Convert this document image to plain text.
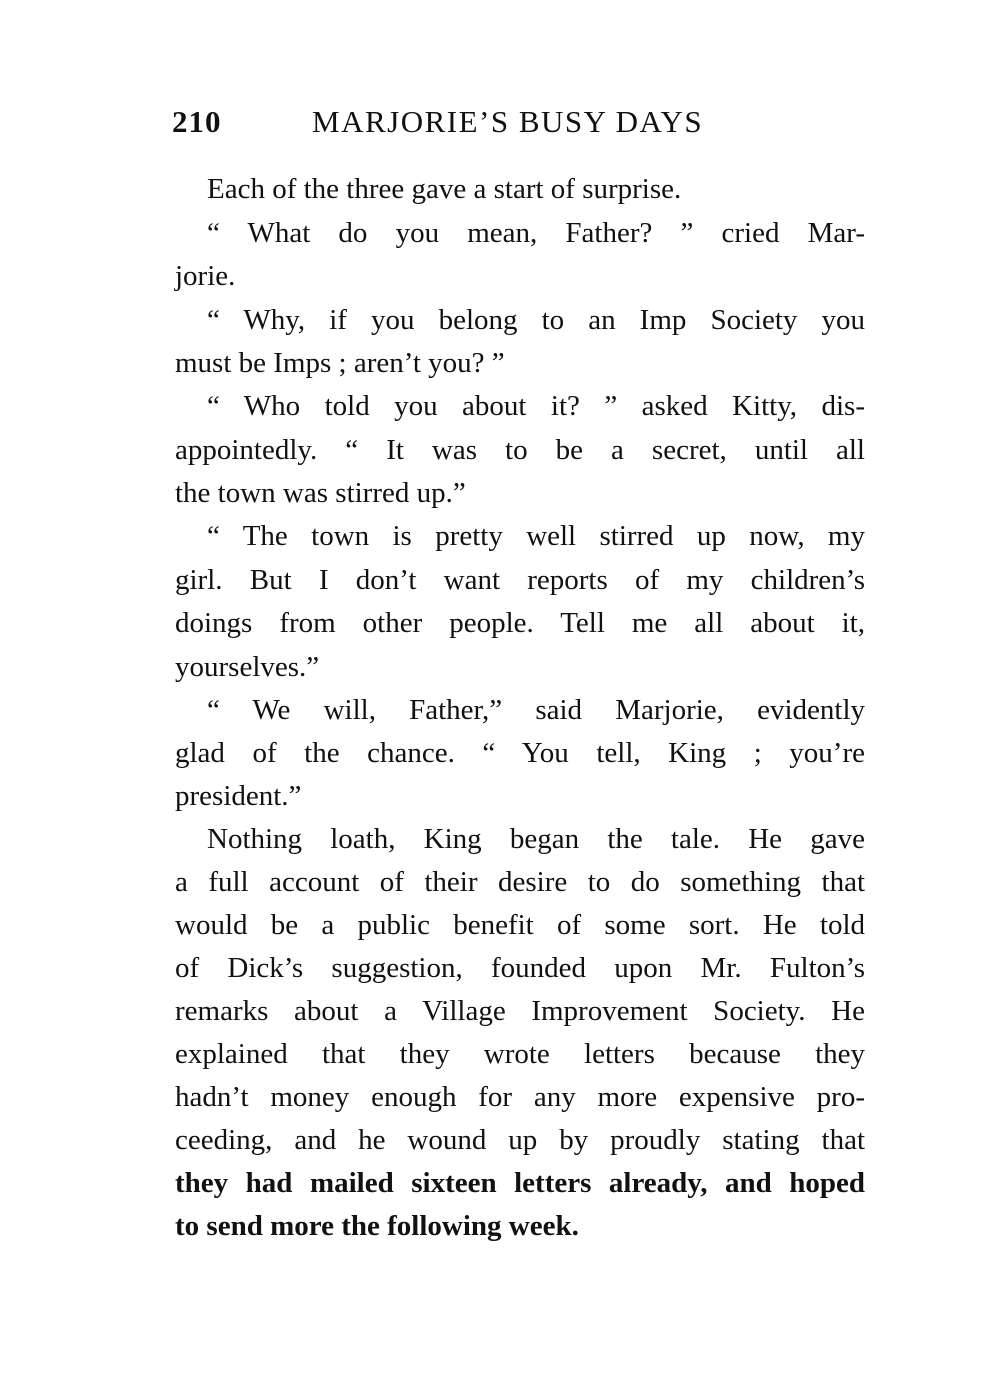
210	MARJORIE’S BUSY DAYS
Each of the three gave a start of surprise.
“ What do you mean, Father? ” cried Mar-
jorie.
“ Why, if you belong to an Imp Society you
must be Imps ; aren’t you? ”
“ Who told you about it? ” asked Kitty, dis-
appointedly. “ It was to be a secret, until all
the town was stirred up.”
“ The town is pretty well stirred up now, my
girl. But I don’t want reports of my children’s
doings from other people. Tell me all about it,
yourselves.”
“ We will, Father,” said Marjorie, evidently
glad of the chance. “ You tell, King ; you’re
president.”
Nothing loath, King began the tale. He gave
a full account of their desire to do something that
would be a public benefit of some sort. He told
of Dick’s suggestion, founded upon Mr. Fulton’s
remarks about a Village Improvement Society. He
explained that they wrote letters because they
hadn’t money enough for any more expensive pro-
ceeding, and he wound up by proudly stating that
they had mailed sixteen letters already, and hoped
to send more the following week.
